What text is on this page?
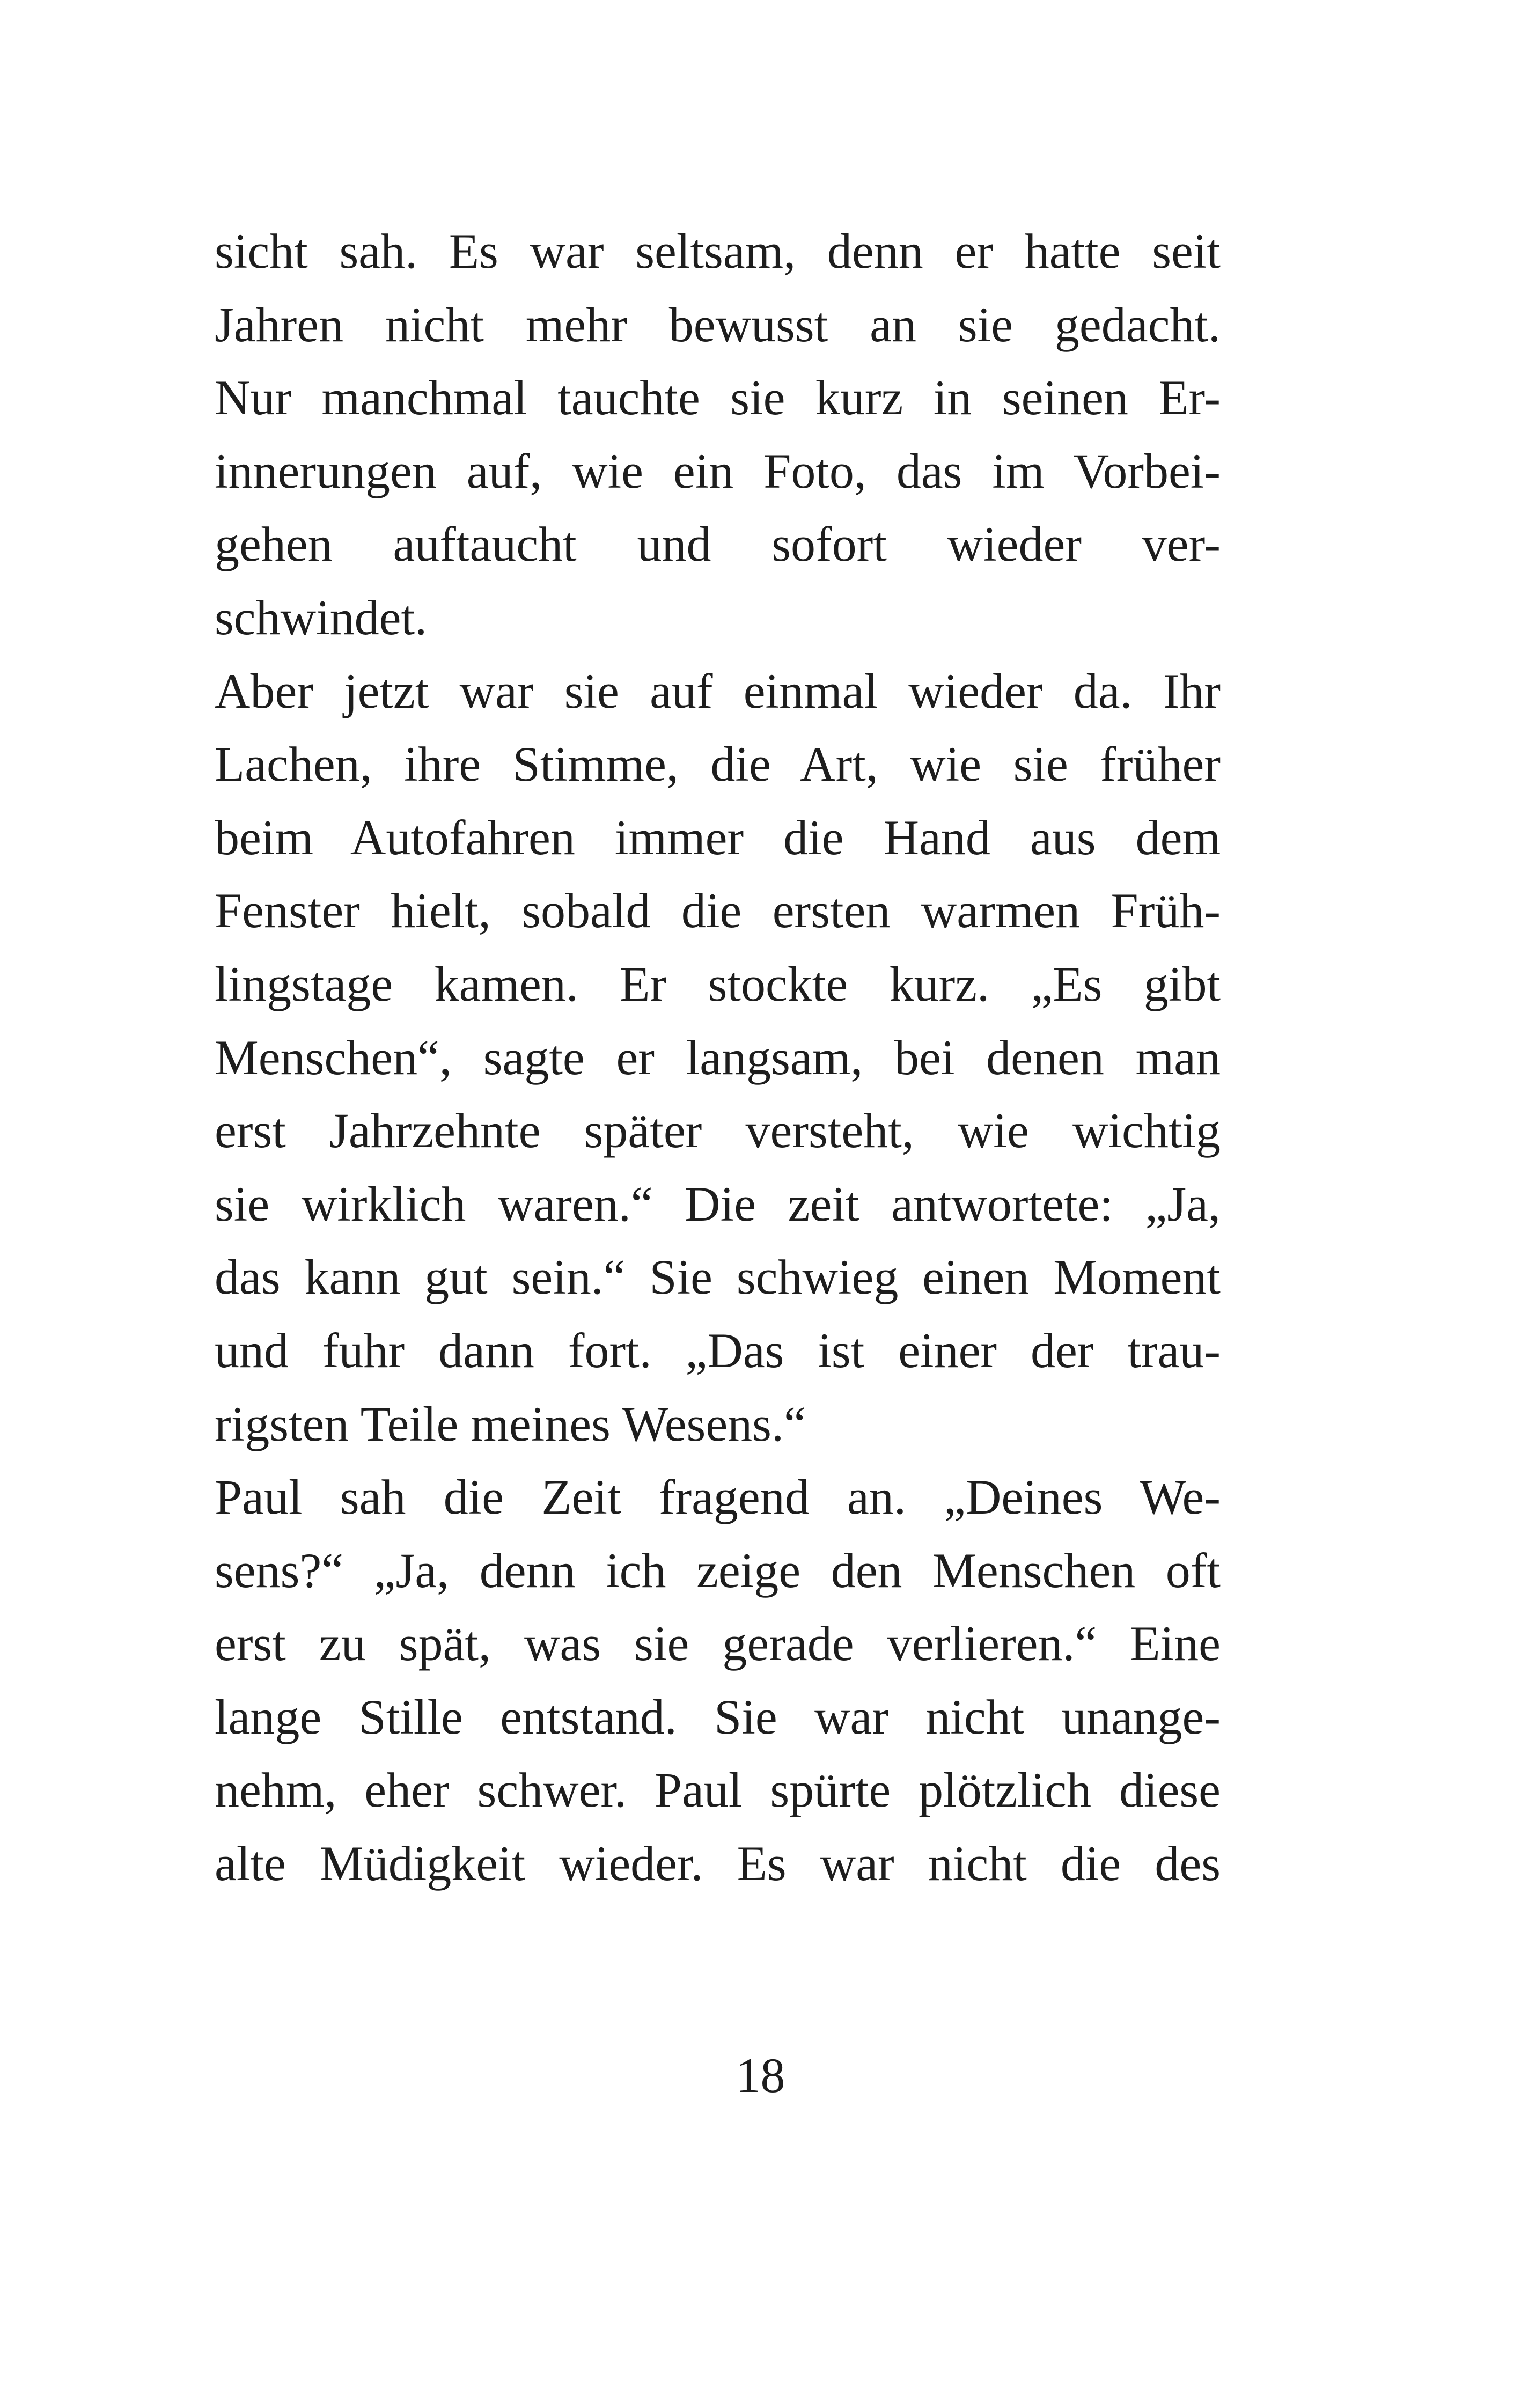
sicht sah. Es war seltsam, denn er hatte seit
Jahren nicht mehr bewusst an sie gedacht.
Nur manchmal tauchte sie kurz in seinen Er-
innerungen auf, wie ein Foto, das im Vorbei-
gehen auftaucht und sofort wieder ver-
schwindet.
Aber jetzt war sie auf einmal wieder da. Ihr
Lachen, ihre Stimme, die Art, wie sie früher
beim Autofahren immer die Hand aus dem
Fenster hielt, sobald die ersten warmen Früh-
lingstage kamen. Er stockte kurz. „Es gibt
Menschen“, sagte er langsam, bei denen man
erst Jahrzehnte später versteht, wie wichtig
sie wirklich waren.“ Die zeit antwortete: „Ja,
das kann gut sein.“ Sie schwieg einen Moment
und fuhr dann fort. „Das ist einer der trau-
rigsten Teile meines Wesens.“
Paul sah die Zeit fragend an. „Deines We-
sens?“ „Ja, denn ich zeige den Menschen oft
erst zu spät, was sie gerade verlieren.“ Eine
lange Stille entstand. Sie war nicht unange-
nehm, eher schwer. Paul spürte plötzlich diese
alte Müdigkeit wieder. Es war nicht die des
18
